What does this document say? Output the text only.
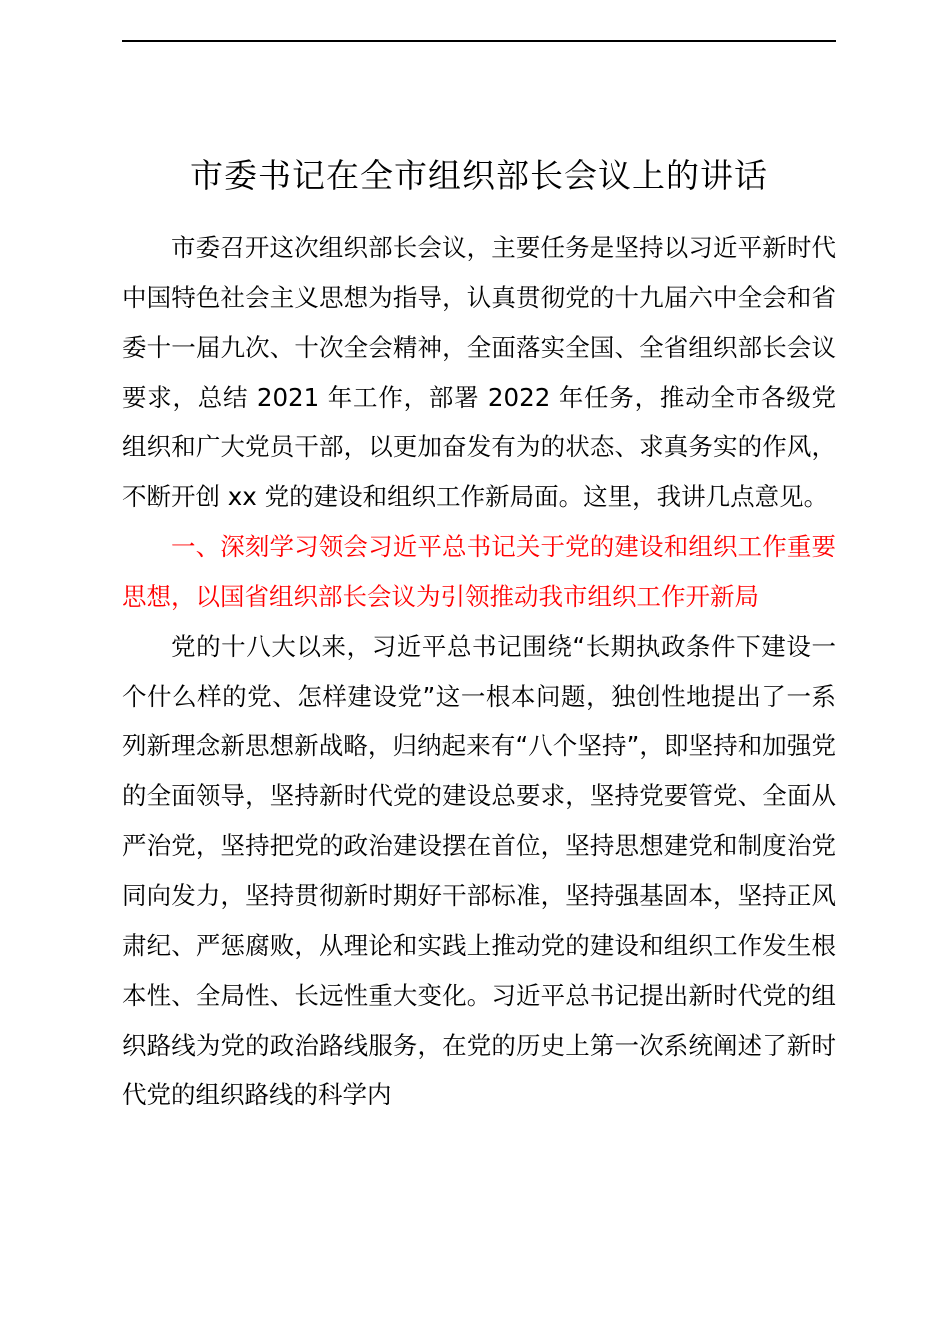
市委书记在全市组织部长会议上的讲话

市委召开这次组织部长会议，主要任务是坚持以习近平新时代中国特色社会主义思想为指导，认真贯彻党的十九届六中全会和省委十一届九次、十次全会精神，全面落实全国、全省组织部长会议要求，总结 2021 年工作，部署 2022 年任务，推动全市各级党组织和广大党员干部，以更加奋发有为的状态、求真务实的作风，不断开创 xx 党的建设和组织工作新局面。这里，我讲几点意见。

一、深刻学习领会习近平总书记关于党的建设和组织工作重要思想，以国省组织部长会议为引领推动我市组织工作开新局

党的十八大以来，习近平总书记围绕“长期执政条件下建设一个什么样的党、怎样建设党”这一根本问题，独创性地提出了一系列新理念新思想新战略，归纳起来有“八个坚持”，即坚持和加强党的全面领导，坚持新时代党的建设总要求，坚持党要管党、全面从严治党，坚持把党的政治建设摆在首位，坚持思想建党和制度治党同向发力，坚持贯彻新时期好干部标准，坚持强基固本，坚持正风肃纪、严惩腐败，从理论和实践上推动党的建设和组织工作发生根本性、全局性、长远性重大变化。习近平总书记提出新时代党的组织路线为党的政治路线服务，在党的历史上第一次系统阐述了新时代党的组织路线的科学内
